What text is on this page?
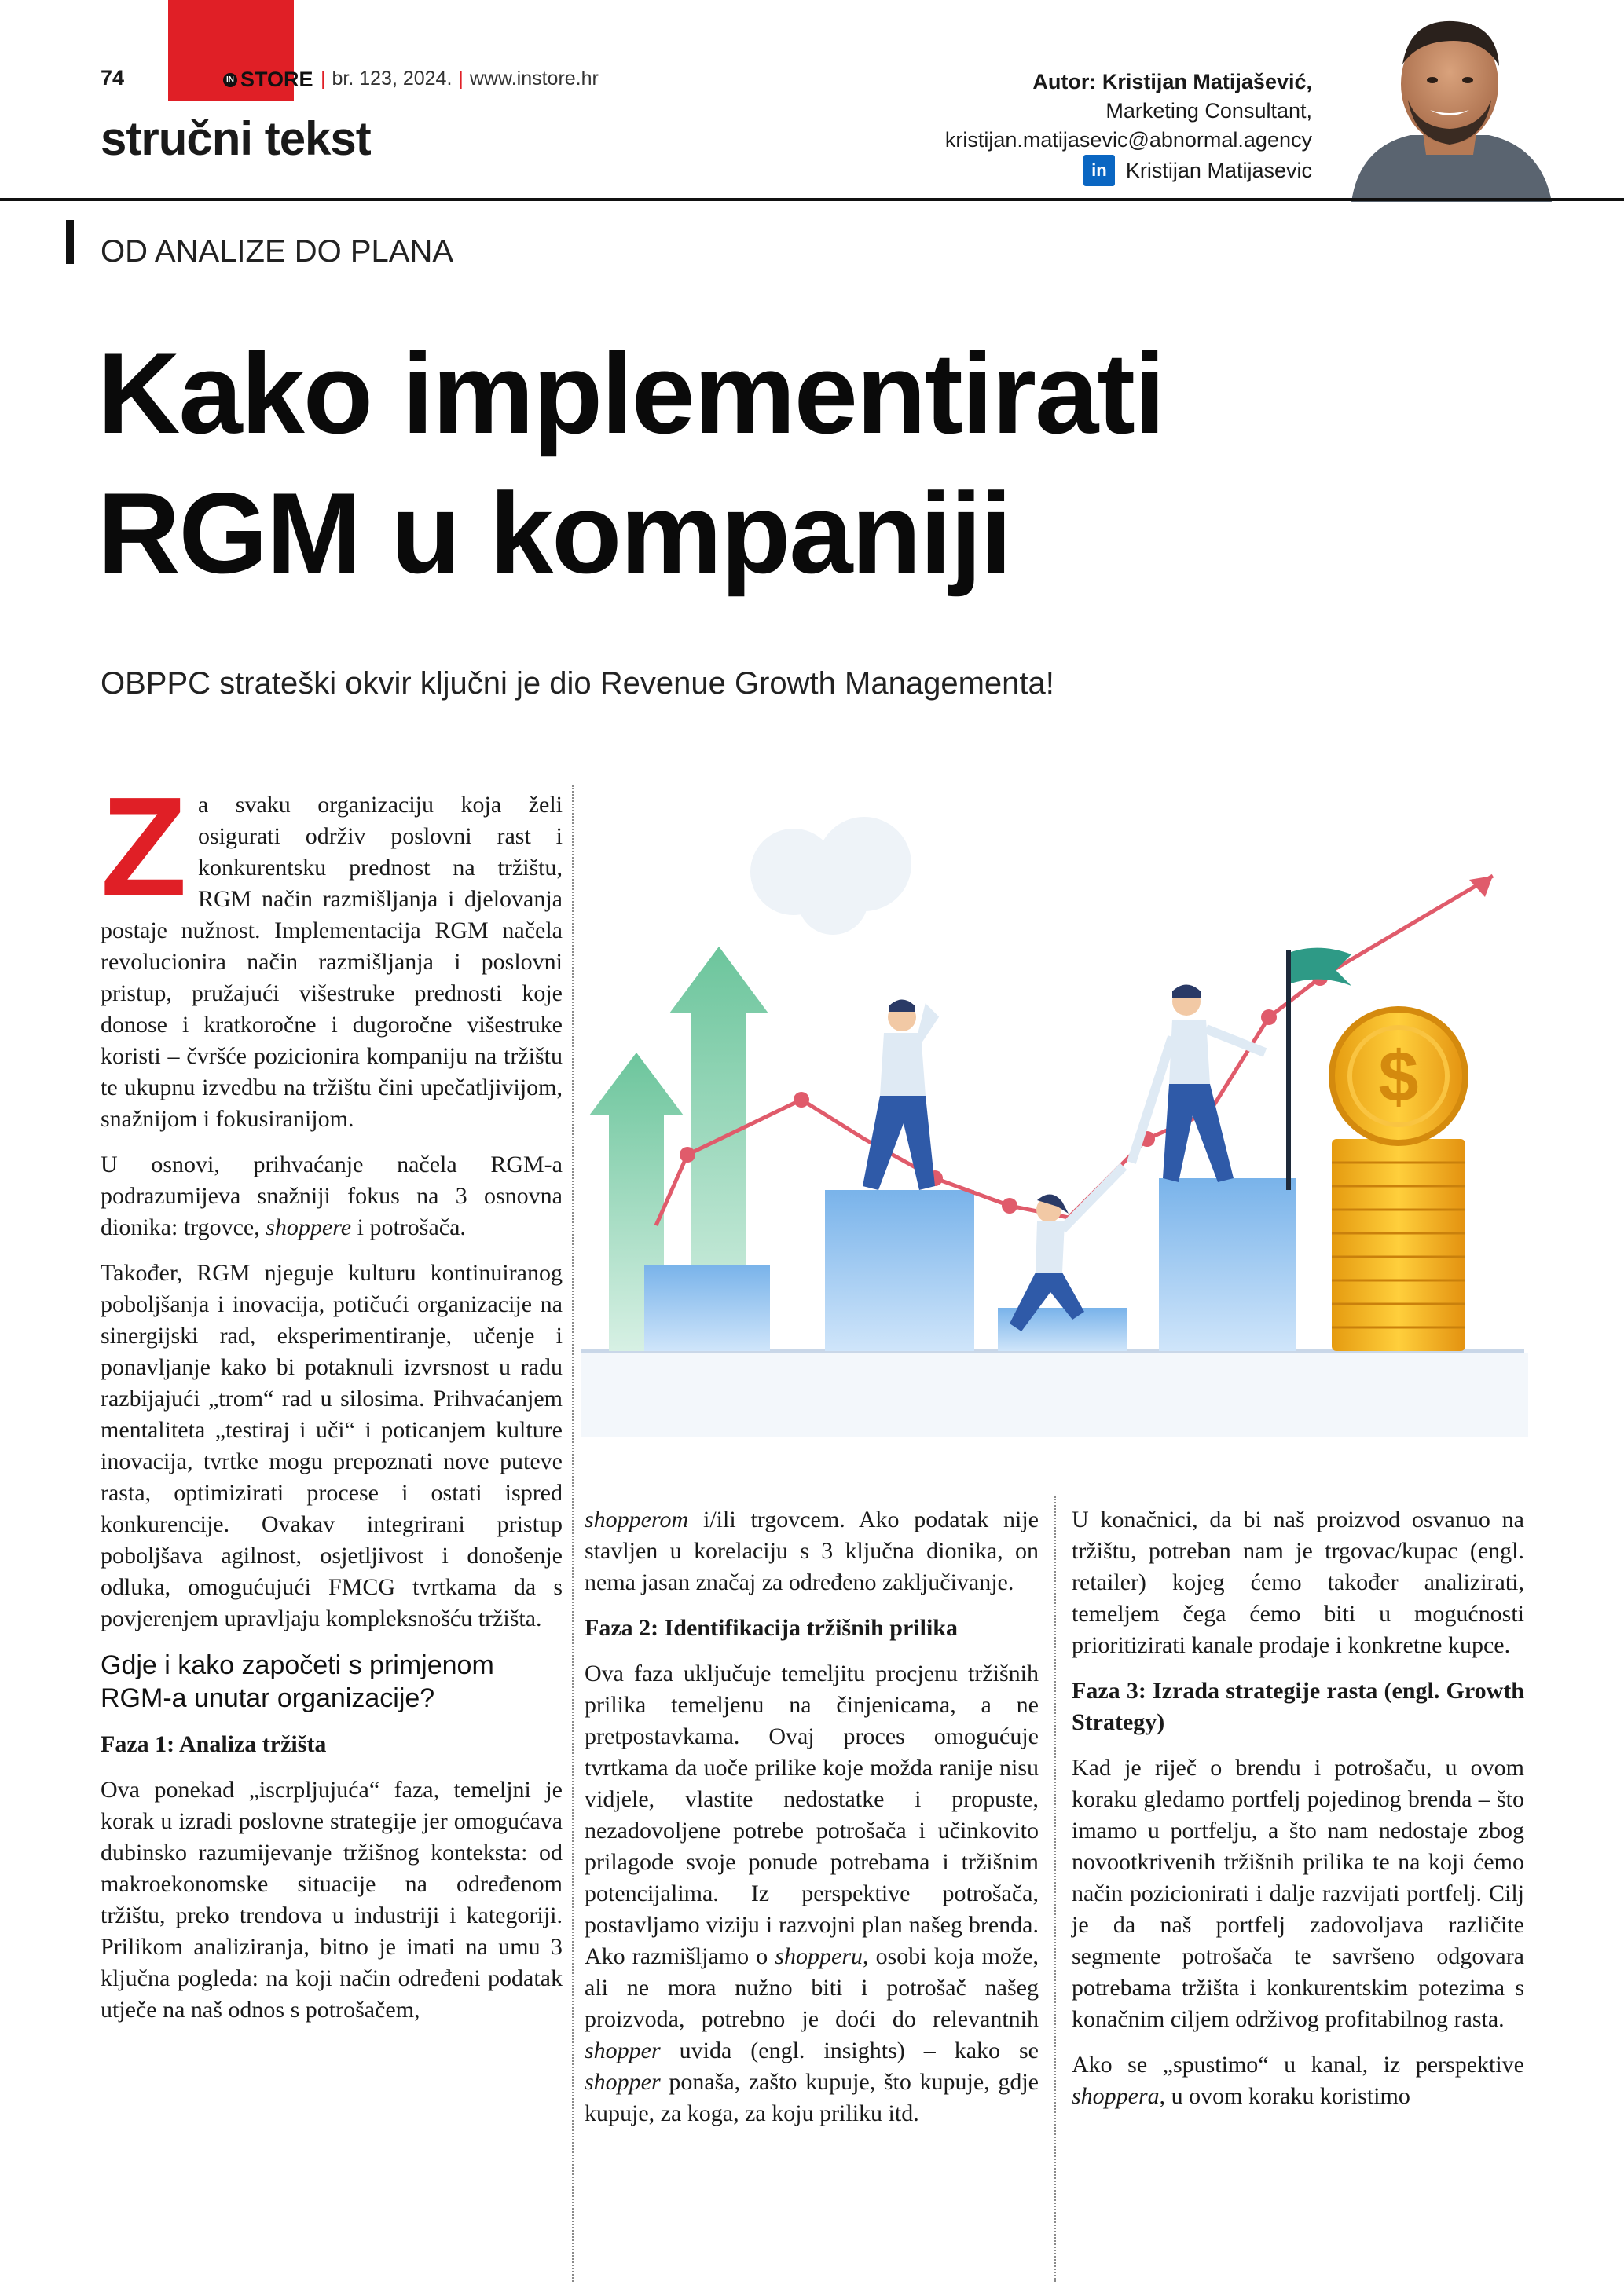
74	IN STORE | br. 123, 2024. | www.instore.hr
stručni tekst
Autor: Kristijan Matijašević,
Marketing Consultant,
kristijan.matijasevic@abnormal.agency
in Kristijan Matijasevic
OD ANALIZE DO PLANA
Kako implementirati
RGM u kompaniji
OBPPC strateški okvir ključni je dio Revenue Growth Managementa!
$

Za svaku organizaciju koja želi osigurati održiv poslovni rast i konkurentsku prednost na tržištu, RGM način razmišljanja i djelovanja postaje nužnost. Implementacija RGM načela revolucionira način razmišljanja i poslovni pristup, pružajući višestruke prednosti koje donose i kratkoročne i dugoročne višestruke koristi – čvršće pozicionira kompaniju na tržištu te ukupnu izvedbu na tržištu čini upečatljivijom, snažnijom i fokusiranijom.

U osnovi, prihvaćanje načela RGM-a podrazumijeva snažniji fokus na 3 osnovna dionika: trgovce, shoppere i potrošača.

Također, RGM njeguje kulturu kontinuiranog poboljšanja i inovacija, potičući organizacije na sinergijski rad, eksperimentiranje, učenje i ponavljanje kako bi potaknuli izvrsnost u radu razbijajući „trom“ rad u silosima. Prihvaćanjem mentaliteta „testiraj i uči“ i poticanjem kulture inovacija, tvrtke mogu prepoznati nove puteve rasta, optimizirati procese i ostati ispred konkurencije. Ovakav integrirani pristup poboljšava agilnost, osjetljivost i donošenje odluka, omogućujući FMCG tvrtkama da s povjerenjem upravljaju kompleksnošću tržišta.

Gdje i kako započeti s primjenom RGM-a unutar organizacije?

Faza 1: Analiza tržišta

Ova ponekad „iscrpljujuća“ faza, temeljni je korak u izradi poslovne strategije jer omogućava dubinsko razumijevanje tržišnog konteksta: od makroekonomske situacije na određenom tržištu, preko trendova u industriji i kategoriji. Prilikom analiziranja, bitno je imati na umu 3 ključna pogleda: na koji način određeni podatak utječe na naš odnos s potrošačem,

shopperom i/ili trgovcem. Ako podatak nije stavljen u korelaciju s 3 ključna dionika, on nema jasan značaj za određeno zaključivanje.

Faza 2: Identifikacija tržišnih prilika

Ova faza uključuje temeljitu procjenu tržišnih prilika temeljenu na činjenicama, a ne pretpostavkama. Ovaj proces omogućuje tvrtkama da uoče prilike koje možda ranije nisu vidjele, vlastite nedostatke i propuste, nezadovoljene potrebe potrošača i učinkovito prilagode svoje ponude potrebama i tržišnim potencijalima. Iz perspektive potrošača, postavljamo viziju i razvojni plan našeg brenda. Ako razmišljamo o shopperu, osobi koja može, ali ne mora nužno biti i potrošač našeg proizvoda, potrebno je doći do relevantnih shopper uvida (engl. insights) – kako se shopper ponaša, zašto kupuje, što kupuje, gdje kupuje, za koga, za koju priliku itd.

U konačnici, da bi naš proizvod osvanuo na tržištu, potreban nam je trgovac/kupac (engl. retailer) kojeg ćemo također analizirati, temeljem čega ćemo biti u mogućnosti prioritizirati kanale prodaje i konkretne kupce.

Faza 3: Izrada strategije rasta (engl. Growth Strategy)

Kad je riječ o brendu i potrošaču, u ovom koraku gledamo portfelj pojedinog brenda – što imamo u portfelju, a što nam nedostaje zbog novootkrivenih tržišnih prilika te na koji ćemo način pozicionirati i dalje razvijati portfelj. Cilj je da naš portfelj zadovoljava različite segmente potrošača te savršeno odgovara potrebama tržišta i konkurentskim potezima s konačnim ciljem održivog profitabilnog rasta.

Ako se „spustimo“ u kanal, iz perspektive shoppera, u ovom koraku koristimo
